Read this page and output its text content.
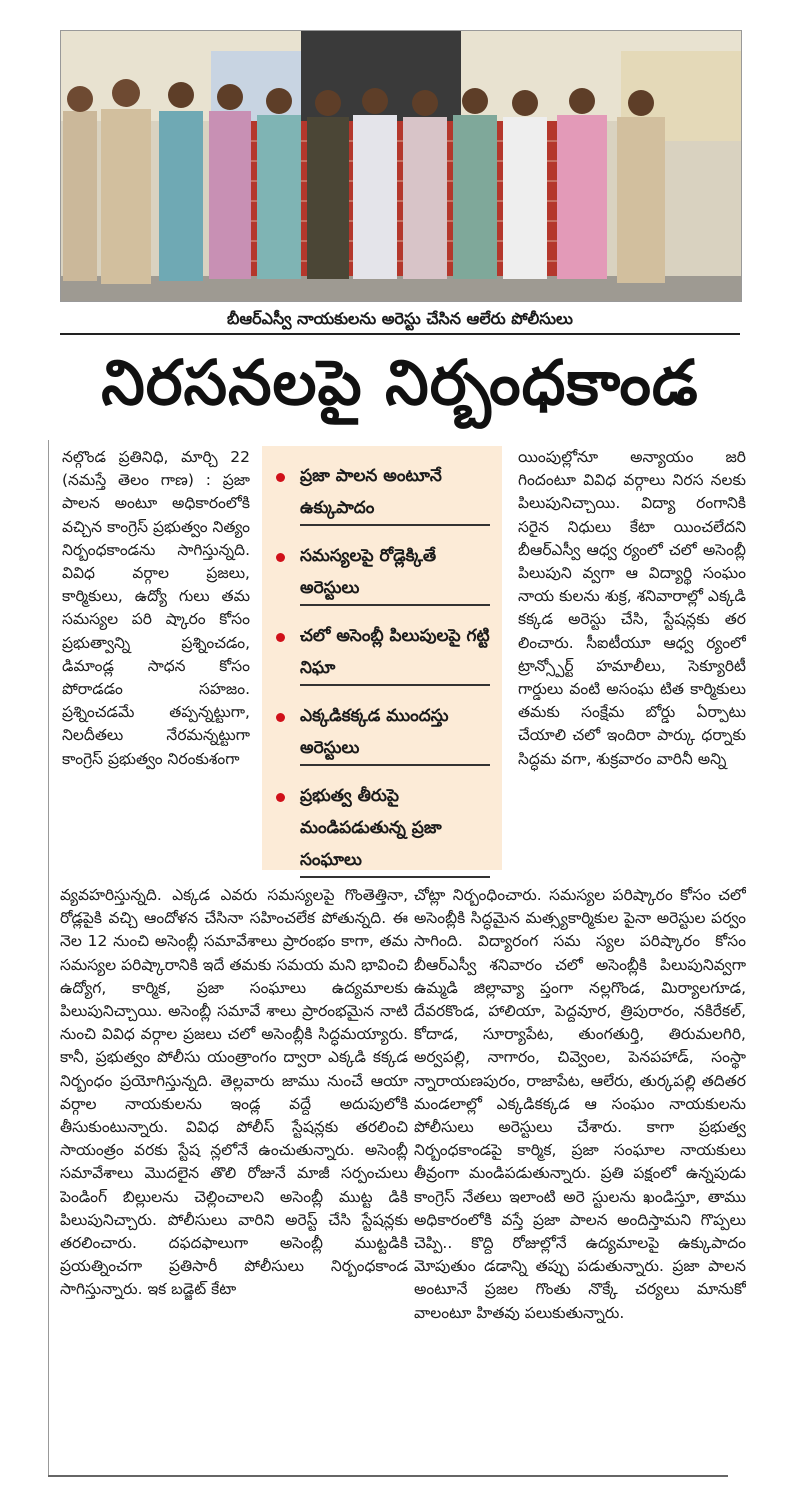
బీఆర్ఎస్వీ నాయకులను అరెస్టు చేసిన ఆలేరు పోలీసులు
నిరసనలపై నిర్బంధకాండ
నల్గొండ ప్రతినిధి, మార్చి 22 (నమస్తే తెలం గాణ) : ప్రజా పాలన అంటూ అధికారంలోకి వచ్చిన కాంగ్రెస్ ప్రభుత్వం నిత్యం నిర్బంధకాండను సాగిస్తున్నది. వివిధ వర్గాల ప్రజలు, కార్మికులు, ఉద్యో గులు తమ సమస్యల పరి ష్కారం కోసం ప్రభుత్వాన్ని ప్రశ్నించడం, డిమాండ్ల సాధన కోసం పోరాడడం సహజం. ప్రశ్నించడమే తప్పన్నట్టుగా, నిలదీతలు నేరమన్నట్టుగా కాంగ్రెస్ ప్రభుత్వం నిరంకుశంగా
ప్రజా పాలన అంటూనే ఉక్కుపాదం
సమస్యలపై రోడ్లెక్కితే అరెస్టులు
చలో అసెంబ్లీ పిలుపులపై గట్టి నిఘా
ఎక్కడికక్కడ ముందస్తు అరెస్టులు
ప్రభుత్వ తీరుపై మండిపడుతున్న ప్రజా సంఘాలు
యింపుల్లోనూ అన్యాయం జరి గిందంటూ వివిధ వర్గాలు నిరస నలకు పిలుపునిచ్చాయి. విద్యా రంగానికి సరైన నిధులు కేటా యించలేదని బీఆర్ఎస్వీ ఆధ్వ ర్యంలో చలో అసెంబ్లీ పిలుపుని వ్వగా ఆ విద్యార్థి సంఘం నాయ కులను శుక్ర, శనివారాల్లో ఎక్కడి కక్కడ అరెస్టు చేసి, స్టేషన్లకు తర లించారు. సీఐటీయూ ఆధ్వ ర్యంలో ట్రాన్స్పోర్ట్ హమాలీలు, సెక్యూరిటీ గార్డులు వంటి అసంఘ టిత కార్మికులు తమకు సంక్షేమ బోర్డు ఏర్పాటు చేయాలి చలో ఇందిరా పార్కు ధర్నాకు సిద్ధమ వగా, శుక్రవారం వారినీ అన్ని
వ్యవహరిస్తున్నది. ఎక్కడ ఎవరు సమస్యలపై గొంతెత్తినా, రోడ్లపైకి వచ్చి ఆందోళన చేసినా సహించలేక పోతున్నది. ఈ నెల 12 నుంచి అసెంబ్లీ సమావేశాలు ప్రారంభం కాగా, తమ సమస్యల పరిష్కారానికి ఇదే తమకు సమయ మని భావించి ఉద్యోగ, కార్మిక, ప్రజా సంఘాలు ఉద్యమాలకు పిలుపునిచ్చాయి. అసెంబ్లీ సమావే శాలు ప్రారంభమైన నాటి నుంచి వివిధ వర్గాల ప్రజలు చలో అసెంబ్లీకి సిద్ధమయ్యారు. కానీ, ప్రభుత్వం పోలీసు యంత్రాంగం ద్వారా ఎక్కడి కక్కడ నిర్బంధం ప్రయోగిస్తున్నది. తెల్లవారు జాము నుంచే ఆయా వర్గాల నాయకులను ఇండ్ల వద్దే అదుపులోకి తీసుకుంటున్నారు. వివిధ పోలీస్ స్టేషన్లకు తరలించి సాయంత్రం వరకు స్టేష న్లలోనే ఉంచుతున్నారు. అసెంబ్లీ సమావేశాలు మొదలైన తొలి రోజునే మాజీ సర్పంచులు పెండింగ్ బిల్లులను చెల్లించాలని అసెంబ్లీ ముట్ట డికి పిలుపునిచ్చారు. పోలీసులు వారిని అరెస్ట్ చేసి స్టేషన్లకు తరలించారు. దఫదఫాలుగా అసెంబ్లీ ముట్టడికి ప్రయత్నించగా ప్రతిసారీ పోలీసులు నిర్బంధకాండ సాగిస్తున్నారు. ఇక బడ్జెట్ కేటా
చోట్లా నిర్బంధించారు. సమస్యల పరిష్కారం కోసం చలో అసెంబ్లీకి సిద్ధమైన మత్స్యకార్మికుల పైనా అరెస్టుల పర్వం సాగింది. విద్యారంగ సమ స్యల పరిష్కారం కోసం బీఆర్ఎస్వీ శనివారం చలో అసెంబ్లీకి పిలుపునివ్వగా ఉమ్మడి జిల్లావ్యా ప్తంగా నల్లగొండ, మిర్యాలగూడ, దేవరకొండ, హాలియా, పెద్దవూర, త్రిపురారం, నకిరేకల్, కోదాడ, సూర్యాపేట, తుంగతుర్తి, తిరుమలగిరి, అర్వపల్లి, నాగారం, చివ్వెంల, పెనపహాడ్, సంస్థా న్నారాయణపురం, రాజాపేట, ఆలేరు, తుర్కపల్లి తదితర మండలాల్లో ఎక్కడికక్కడ ఆ సంఘం నాయకులను పోలీసులు అరెస్టులు చేశారు. కాగా ప్రభుత్వ నిర్బంధకాండపై కార్మిక, ప్రజా సంఘాల నాయకులు తీవ్రంగా మండిపడుతున్నారు. ప్రతి పక్షంలో ఉన్నపుడు కాంగ్రెస్ నేతలు ఇలాంటి అరె స్టులను ఖండిస్తూ, తాము అధికారంలోకి వస్తే ప్రజా పాలన అందిస్తామని గొప్పలు చెప్పి.. కొద్ది రోజుల్లోనే ఉద్యమాలపై ఉక్కుపాదం మోపుతుం డడాన్ని తప్పు పడుతున్నారు. ప్రజా పాలన అంటూనే ప్రజల గొంతు నొక్కే చర్యలు మానుకో వాలంటూ హితవు పలుకుతున్నారు.
